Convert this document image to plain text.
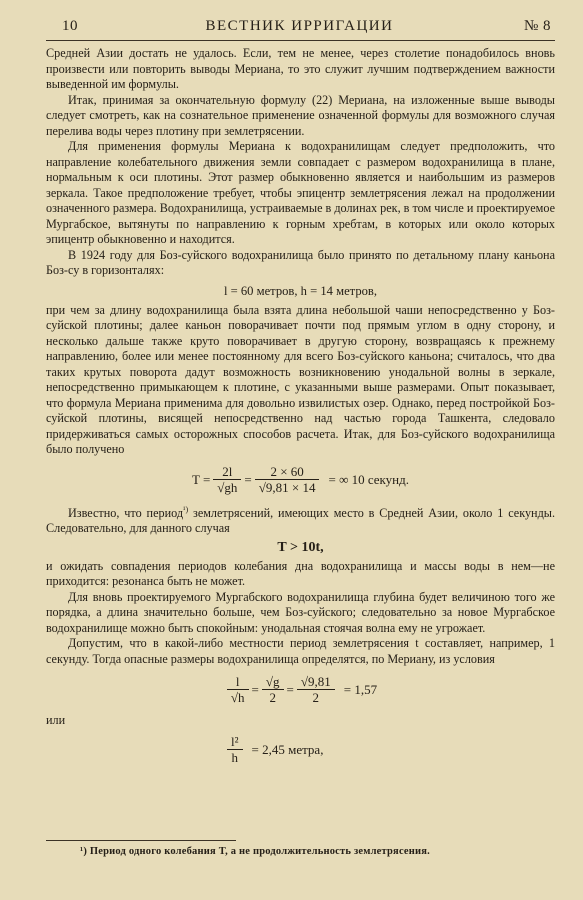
10	ВЕСТНИК ИРРИГАЦИИ	№ 8

Средней Азии достать не удалось. Если, тем не менее, через столетие понадобилось вновь произвести или повторить выводы Мериана, то это служит лучшим подтверждением важности выведенной им формулы.

Итак, принимая за окончательную формулу (22) Мериана, на изложенные выше выводы следует смотреть, как на сознательное применение означенной формулы для возможного случая перелива воды через плотину при землетрясении.

Для применения формулы Мериана к водохранилищам следует предположить, что направление колебательного движения земли совпадает с размером водохранилища в плане, нормальным к оси плотины. Этот размер обыкновенно является и наибольшим из размеров зеркала. Такое предположение требует, чтобы эпицентр землетрясения лежал на продолжении означенного размера. Водохранилища, устраиваемые в долинах рек, в том числе и проектируемое Мургабское, вытянуты по направлению к горным хребтам, в которых или около которых эпицентр обыкновенно и находится.

В 1924 году для Боз-суйского водохранилища было принято по детальному плану каньона Боз-су в горизонталях:

l = 60 метров, h = 14 метров,

при чем за длину водохранилища была взята длина небольшой чаши непосредственно у Боз-суйской плотины; далее каньон поворачивает почти под прямым углом в одну сторону, и несколько дальше также круто поворачивает в другую сторону, возвращаясь к прежнему направлению, более или менее постоянному для всего Боз-суйского каньона; считалось, что два таких крутых поворота дадут возможность возникновению унодальной волны в зеркале, непосредственно примыкающем к плотине, с указанными выше размерами. Опыт показывает, что формула Мериана применима для довольно извилистых озер. Однако, перед постройкой Боз-суйской плотины, висящей непосредственно над частью города Ташкента, следовало придерживаться самых осторожных способов расчета. Итак, для Боз-суйского водохранилища было получено

$T = \frac{2l}{√gh} = \frac{2 \times 60}{√9,81 \times 14}$ = ∞ 10 секунд.

Известно, что период$^{^1)}$ землетрясений, имеющих место в Средней Азии, около 1 секунды. Следовательно, для данного случая

T > 10t,

и ожидать совпадения периодов колебания дна водохранилища и массы воды в нем—не приходится: резонанса быть не может.

Для вновь проектируемого Мургабского водохранилища глубина будет величиною того же порядка, а длина значительно больше, чем Боз-суйского; следовательно за новое Мургабское водохранилище можно быть спокойным: унодальная стоячая волна ему не угрожает.

Допустим, что в какой-либо местности период землетрясения t составляет, например, 1 секунду. Тогда опасные размеры водохранилища определятся, по Мериану, из условия

$\frac{l}{√h} = \frac{√g}{2} = \frac{√9,81}{2} = 1,57$

или

$\frac{\text{l²}}{h} = 2,45$ метра,
¹) Период одного колебания T, а не продолжительность землетрясения.
